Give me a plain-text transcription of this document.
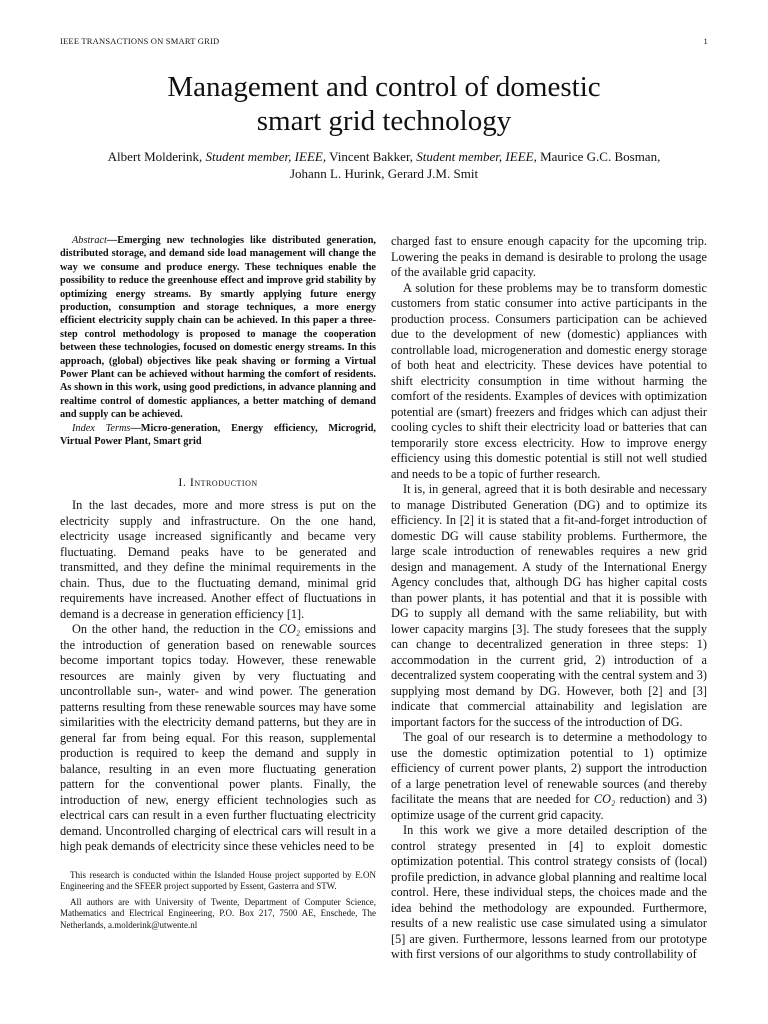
IEEE TRANSACTIONS ON SMART GRID	1
Management and control of domestic
smart grid technology
Albert Molderink, Student member, IEEE, Vincent Bakker, Student member, IEEE, Maurice G.C. Bosman,
Johann L. Hurink, Gerard J.M. Smit

Abstract—Emerging new technologies like distributed generation, distributed storage, and demand side load management will change the way we consume and produce energy. These techniques enable the possibility to reduce the greenhouse effect and improve grid stability by optimizing energy streams. By smartly applying future energy production, consumption and storage techniques, a more energy efficient electricity supply chain can be achieved. In this paper a three-step control methodology is proposed to manage the cooperation between these technologies, focused on domestic energy streams. In this approach, (global) objectives like peak shaving or forming a Virtual Power Plant can be achieved without harming the comfort of residents. As shown in this work, using good predictions, in advance planning and realtime control of domestic appliances, a better matching of demand and supply can be achieved.

Index Terms—Micro-generation, Energy efficiency, Microgrid, Virtual Power Plant, Smart grid

I. Introduction

In the last decades, more and more stress is put on the electricity supply and infrastructure. On the one hand, electricity usage increased significantly and became very fluctuating. Demand peaks have to be generated and transmitted, and they define the minimal requirements in the chain. Thus, due to the fluctuating demand, minimal grid requirements have increased. Another effect of fluctuations in demand is a decrease in generation efficiency [1].

On the other hand, the reduction in the CO₂ emissions and the introduction of generation based on renewable sources become important topics today. However, these renewable resources are mainly given by very fluctuating and uncontrollable sun-, water- and wind power. The generation patterns resulting from these renewable sources may have some similarities with the electricity demand patterns, but they are in general far from being equal. For this reason, supplemental production is required to keep the demand and supply in balance, resulting in an even more fluctuating generation pattern for the conventional power plants. Finally, the introduction of new, energy efficient technologies such as electrical cars can result in a even further fluctuating electricity demand. Uncontrolled charging of electrical cars will result in a high peak demands of electricity since these vehicles need to be

This research is conducted within the Islanded House project supported by E.ON Engineering and the SFEER project supported by Essent, Gasterra and STW.

All authors are with University of Twente, Department of Computer Science, Mathematics and Electrical Engineering, P.O. Box 217, 7500 AE, Enschede, The Netherlands, a.molderink@utwente.nl

charged fast to ensure enough capacity for the upcoming trip. Lowering the peaks in demand is desirable to prolong the usage of the available grid capacity.

A solution for these problems may be to transform domestic customers from static consumer into active participants in the production process. Consumers participation can be achieved due to the development of new (domestic) appliances with controllable load, microgeneration and domestic energy storage of both heat and electricity. These devices have potential to shift electricity consumption in time without harming the comfort of the residents. Examples of devices with optimization potential are (smart) freezers and fridges which can adjust their cooling cycles to shift their electricity load or batteries that can temporarily store excess electricity. How to improve energy efficiency using this domestic potential is still not well studied and needs to be a topic of further research.

It is, in general, agreed that it is both desirable and necessary to manage Distributed Generation (DG) and to optimize its efficiency. In [2] it is stated that a fit-and-forget introduction of domestic DG will cause stability problems. Furthermore, the large scale introduction of renewables requires a new grid design and management. A study of the International Energy Agency concludes that, although DG has higher capital costs than power plants, it has potential and that it is possible with DG to supply all demand with the same reliability, but with lower capacity margins [3]. The study foresees that the supply can change to decentralized generation in three steps: 1) accommodation in the current grid, 2) introduction of a decentralized system cooperating with the central system and 3) supplying most demand by DG. However, both [2] and [3] indicate that commercial attainability and legislation are important factors for the success of the introduction of DG.

The goal of our research is to determine a methodology to use the domestic optimization potential to 1) optimize efficiency of current power plants, 2) support the introduction of a large penetration level of renewable sources (and thereby facilitate the means that are needed for CO₂ reduction) and 3) optimize usage of the current grid capacity.

In this work we give a more detailed description of the control strategy presented in [4] to exploit domestic optimization potential. This control strategy consists of (local) profile prediction, in advance global planning and realtime local control. Here, these individual steps, the choices made and the idea behind the methodology are expounded. Furthermore, results of a new realistic use case simulated using a simulator [5] are given. Furthermore, lessons learned from our prototype with first versions of our algorithms to study controllability of
